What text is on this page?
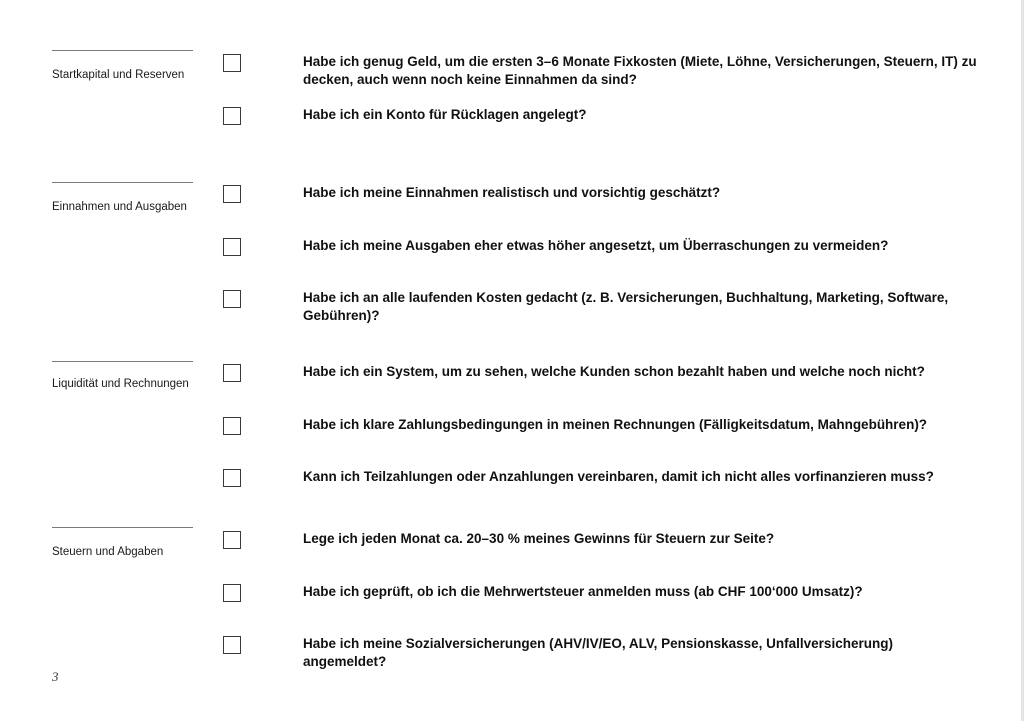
Startkapital und Reserven
Habe ich genug Geld, um die ersten 3–6 Monate Fixkosten (Miete, Löhne, Versicherungen, Steuern, IT) zu decken, auch wenn noch keine Einnahmen da sind?
Habe ich ein Konto für Rücklagen angelegt?
Einnahmen und Ausgaben
Habe ich meine Einnahmen realistisch und vorsichtig geschätzt?
Habe ich meine Ausgaben eher etwas höher angesetzt, um Überraschungen zu vermeiden?
Habe ich an alle laufenden Kosten gedacht (z. B. Versicherungen, Buchhaltung, Marketing, Software, Gebühren)?
Liquidität und Rechnungen
Habe ich ein System, um zu sehen, welche Kunden schon bezahlt haben und welche noch nicht?
Habe ich klare Zahlungsbedingungen in meinen Rechnungen (Fälligkeitsdatum, Mahngebühren)?
Kann ich Teilzahlungen oder Anzahlungen vereinbaren, damit ich nicht alles vorfinanzieren muss?
Steuern und Abgaben
Lege ich jeden Monat ca. 20–30 % meines Gewinns für Steuern zur Seite?
Habe ich geprüft, ob ich die Mehrwertsteuer anmelden muss (ab CHF 100‘000 Umsatz)?
Habe ich meine Sozialversicherungen (AHV/IV/EO, ALV, Pensionskasse, Unfallversicherung) angemeldet?
3
